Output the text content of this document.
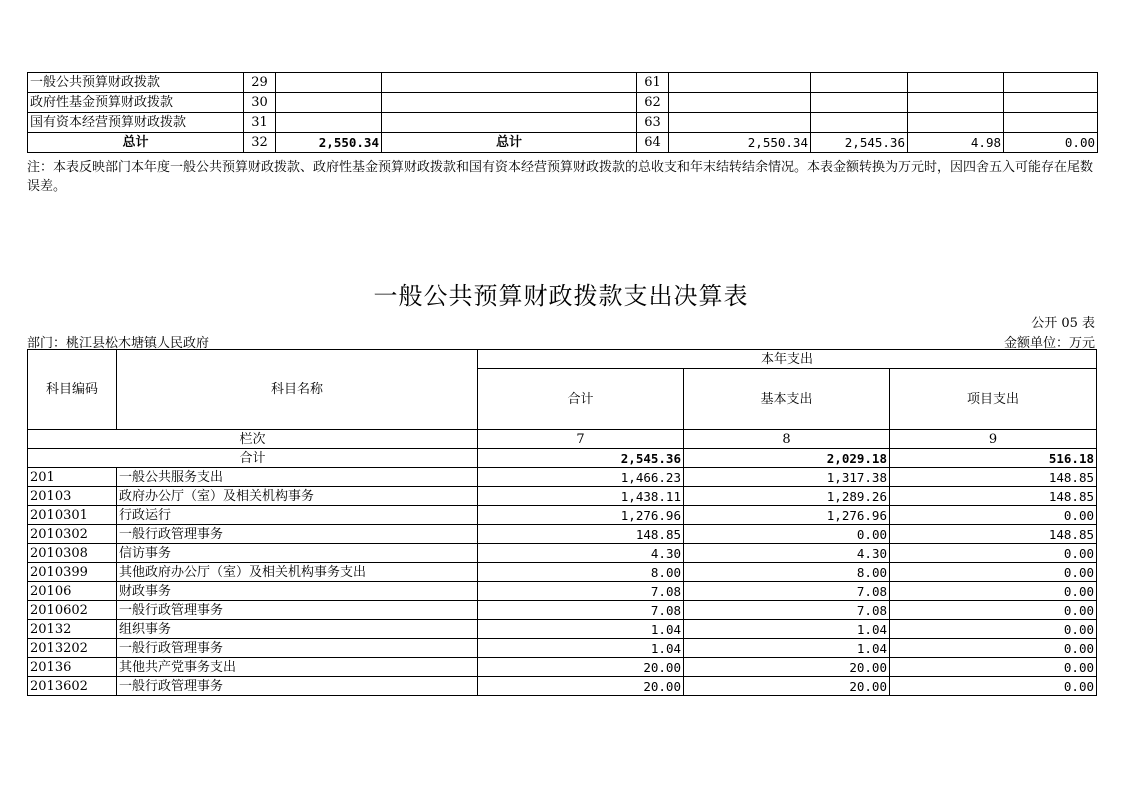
一般公共预算财政拨款	29			61				
政府性基金预算财政拨款	30			62				
国有资本经营预算财政拨款	31			63				
总计	32	2,550.34	总计	64	2,550.34	2,545.36	4.98	0.00
注：本表反映部门本年度一般公共预算财政拨款、政府性基金预算财政拨款和国有资本经营预算财政拨款的总收支和年末结转结余情况。本表金额转换为万元时，因四舍五入可能存在尾数误差。
一般公共预算财政拨款支出决算表
公开 05 表
部门：桃江县松木塘镇人民政府	金额单位：万元
科目编码	科目名称	本年支出		
		合计	基本支出	项目支出
栏次		7	8	9
合计		2,545.36	2,029.18	516.18
201	一般公共服务支出	1,466.23	1,317.38	148.85
20103	政府办公厅（室）及相关机构事务	1,438.11	1,289.26	148.85
2010301	行政运行	1,276.96	1,276.96	0.00
2010302	一般行政管理事务	148.85	0.00	148.85
2010308	信访事务	4.30	4.30	0.00
2010399	其他政府办公厅（室）及相关机构事务支出	8.00	8.00	0.00
20106	财政事务	7.08	7.08	0.00
2010602	一般行政管理事务	7.08	7.08	0.00
20132	组织事务	1.04	1.04	0.00
2013202	一般行政管理事务	1.04	1.04	0.00
20136	其他共产党事务支出	20.00	20.00	0.00
2013602	一般行政管理事务	20.00	20.00	0.00
